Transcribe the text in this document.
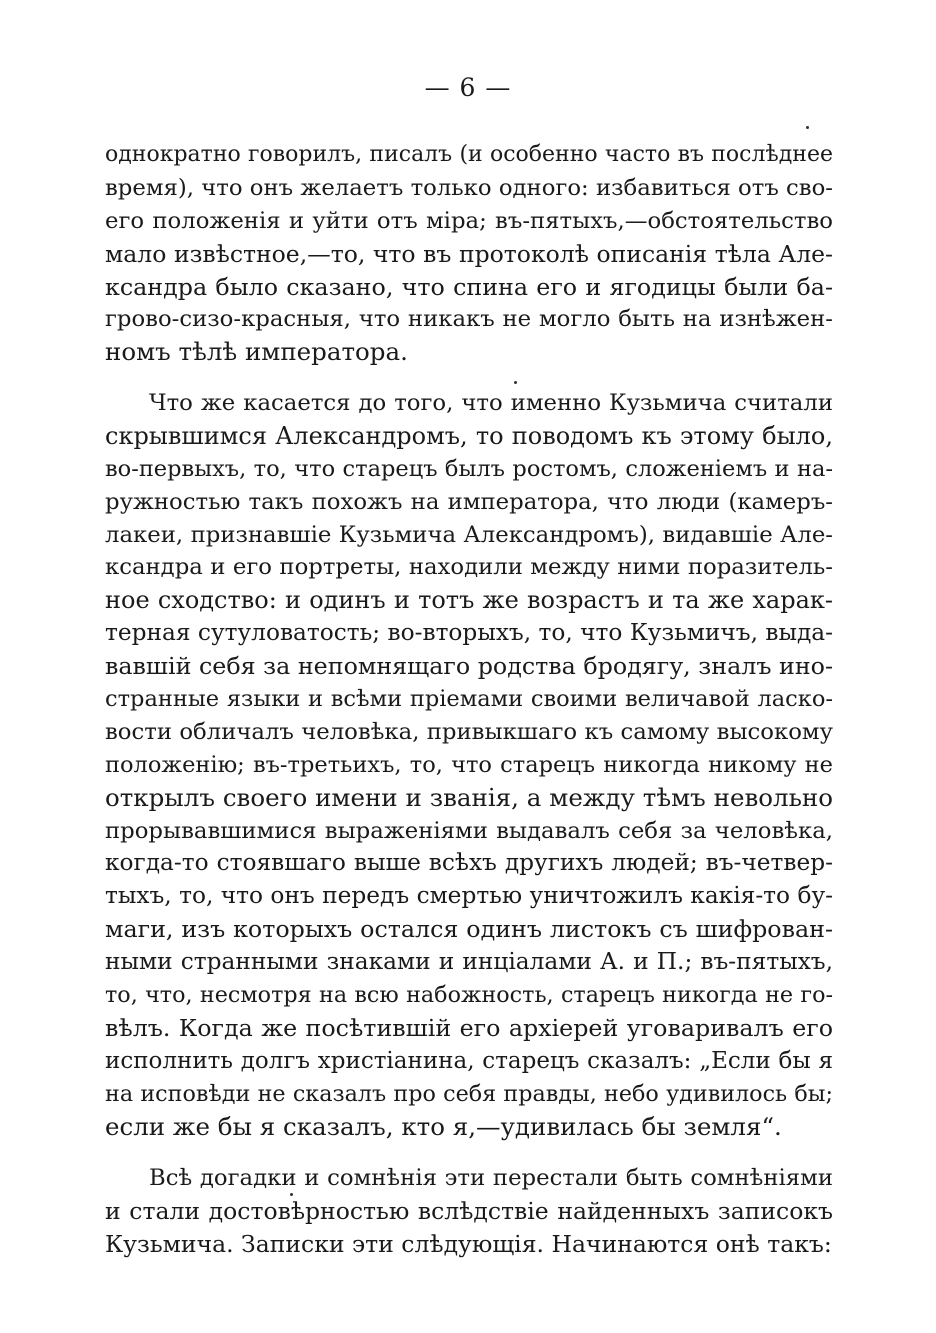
— 6 —
однократно говорилъ, писалъ (и особенно часто въ послѣднее
время), что онъ желаетъ только одного: избавиться отъ сво-
его положенія и уйти отъ міра; въ-пятыхъ,—обстоятельство
мало извѣстное,—то, что въ протоколѣ описанія тѣла Але-
ксандра было сказано, что спина его и ягодицы были ба-
грово-сизо-красныя, что никакъ не могло быть на изнѣжен-
номъ тѣлѣ императора.
Что же касается до того, что именно Кузьмича считали
скрывшимся Александромъ, то поводомъ къ этому было,
во-первыхъ, то, что старецъ былъ ростомъ, сложеніемъ и на-
ружностью такъ похожъ на императора, что люди (камеръ-
лакеи, признавшіе Кузьмича Александромъ), видавшіе Але-
ксандра и его портреты, находили между ними поразитель-
ное сходство: и одинъ и тотъ же возрастъ и та же харак-
терная сутуловатость; во-вторыхъ, то, что Кузьмичъ, выда-
вавшій себя за непомнящаго родства бродягу, зналъ ино-
странные языки и всѣми пріемами своими величавой ласко-
вости обличалъ человѣка, привыкшаго къ самому высокому
положенію; въ-третьихъ, то, что старецъ никогда никому не
открылъ своего имени и званія, а между тѣмъ невольно
прорывавшимися выраженіями выдавалъ себя за человѣка,
когда-то стоявшаго выше всѣхъ другихъ людей; въ-четвер-
тыхъ, то, что онъ передъ смертью уничтожилъ какія-то бу-
маги, изъ которыхъ остался одинъ листокъ съ шифрован-
ными странными знаками и инціалами А. и П.; въ-пятыхъ,
то, что, несмотря на всю набожность, старецъ никогда не го-
вѣлъ. Когда же посѣтившій его архіерей уговаривалъ его
исполнить долгъ христіанина, старецъ сказалъ: „Если бы я
на исповѣди не сказалъ про себя правды, небо удивилось бы;
если же бы я сказалъ, кто я,—удивилась бы земля“.
Всѣ догадки и сомнѣнія эти перестали быть сомнѣніями
и стали достовѣрностью вслѣдствіе найденныхъ записокъ
Кузьмича. Записки эти слѣдующія. Начинаются онѣ такъ:
